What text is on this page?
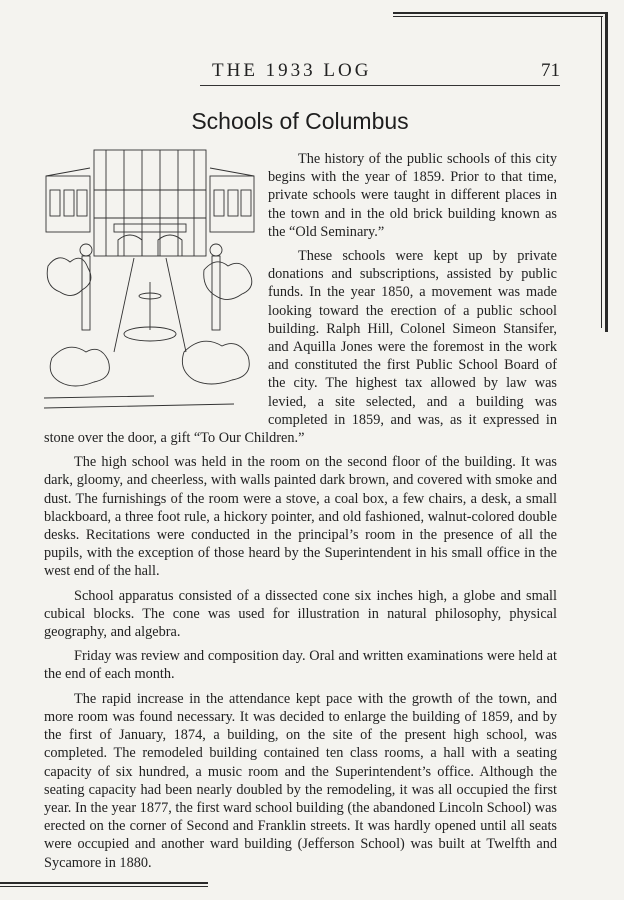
THE 1933 LOG	71
Schools of Columbus

The history of the public schools of this city begins with the year of 1859. Prior to that time, private schools were taught in different places in the town and in the old brick building known as the “Old Seminary.”

These schools were kept up by private donations and subscriptions, assisted by public funds. In the year 1850, a movement was made looking toward the erection of a public school building. Ralph Hill, Colonel Simeon Stansifer, and Aquilla Jones were the foremost in the work and constituted the first Public School Board of the city. The highest tax allowed by law was levied, a site selected, and a building was completed in 1859, and was, as it expressed in stone over the door, a gift “To Our Children.”

The high school was held in the room on the second floor of the building. It was dark, gloomy, and cheerless, with walls painted dark brown, and covered with smoke and dust. The furnishings of the room were a stove, a coal box, a few chairs, a desk, a small blackboard, a three foot rule, a hickory pointer, and old fashioned, walnut-colored double desks. Recitations were conducted in the principal’s room in the presence of all the pupils, with the exception of those heard by the Superintendent in his small office in the west end of the hall.

School apparatus consisted of a dissected cone six inches high, a globe and small cubical blocks. The cone was used for illustration in natural philosophy, physical geography, and algebra.

Friday was review and composition day. Oral and written examinations were held at the end of each month.

The rapid increase in the attendance kept pace with the growth of the town, and more room was found necessary. It was decided to enlarge the building of 1859, and by the first of January, 1874, a building, on the site of the present high school, was completed. The remodeled building contained ten class rooms, a hall with a seating capacity of six hundred, a music room and the Superintendent’s office. Although the seating capacity had been nearly doubled by the remodeling, it was all occupied the first year. In the year 1877, the first ward school building (the abandoned Lincoln School) was erected on the corner of Second and Franklin streets. It was hardly opened until all seats were occupied and another ward building (Jefferson School) was built at Twelfth and Sycamore in 1880.
